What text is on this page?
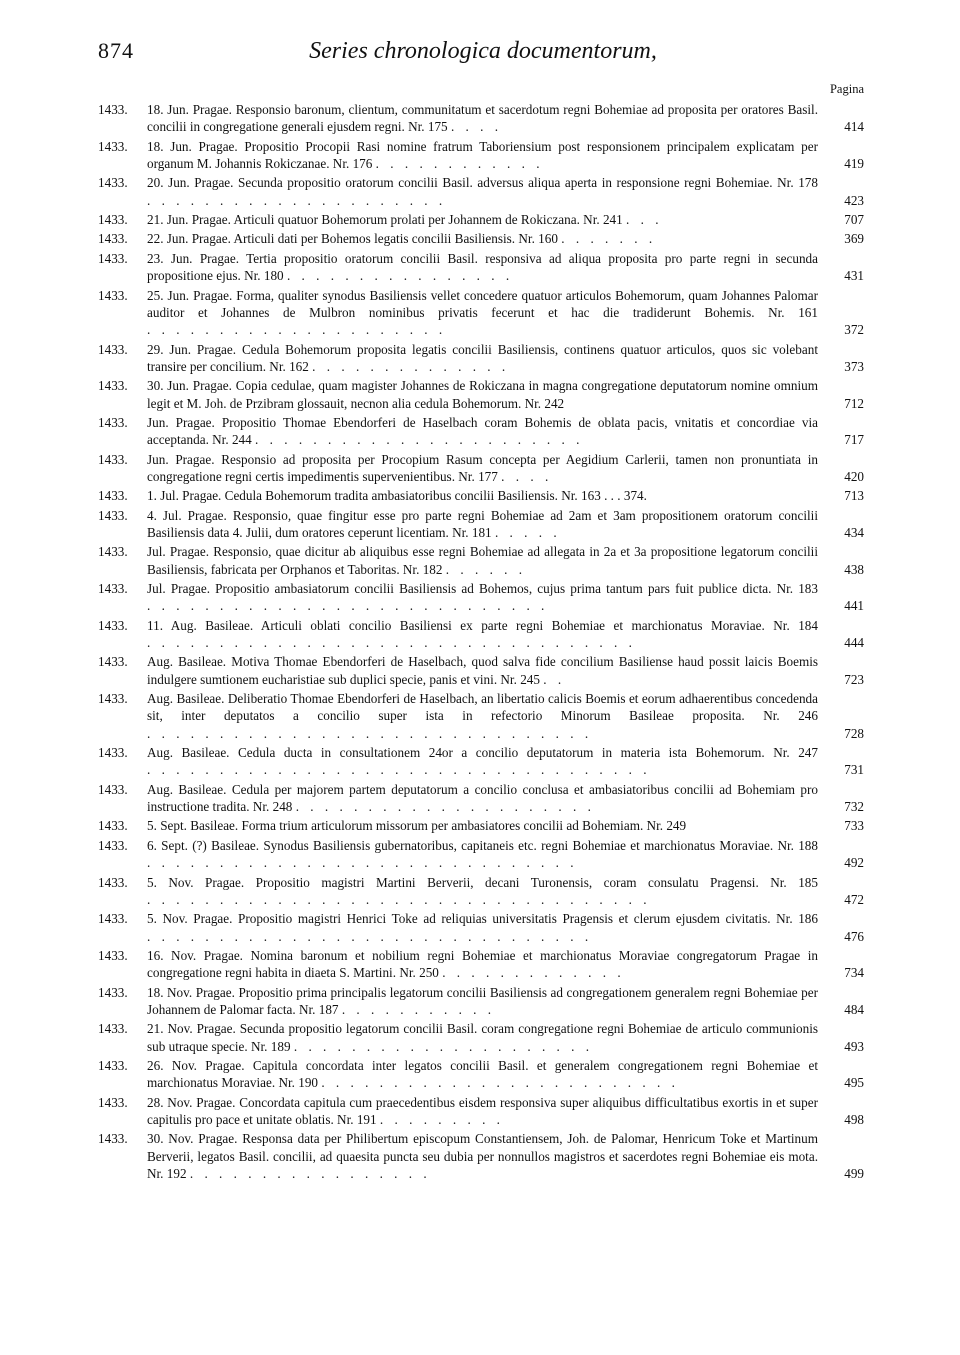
874	Series chronologica documentorum,
Pagina
1433.	18. Jun. Pragae. Responsio baronum, clientum, communitatum et sacerdotum regni Bohemiae ad proposita per oratores Basil. concilii in congregatione generali ejusdem regni. Nr. 175 . . . .	414
1433.	18. Jun. Pragae. Propositio Procopii Rasi nomine fratrum Taboriensium post responsionem principalem explicatam per organum M. Johannis Rokiczanae. Nr. 176 . . . . . . . . . . . .	419
1433.	20. Jun. Pragae. Secunda propositio oratorum concilii Basil. adversus aliqua aperta in responsione regni Bohemiae. Nr. 178 . . . . . . . . . . . . . . . . . . . . .	423
1433.	21. Jun. Pragae. Articuli quatuor Bohemorum prolati per Johannem de Rokiczana. Nr. 241 . . .	707
1433.	22. Jun. Pragae. Articuli dati per Bohemos legatis concilii Basiliensis. Nr. 160 . . . . . . .	369
1433.	23. Jun. Pragae. Tertia propositio oratorum concilii Basil. responsiva ad aliqua proposita pro parte regni in secunda propositione ejus. Nr. 180 . . . . . . . . . . . . . . . .	431
1433.	25. Jun. Pragae. Forma, qualiter synodus Basiliensis vellet concedere quatuor articulos Bohemorum, quam Johannes Palomar auditor et Johannes de Mulbron nominibus privatis fecerunt et hac die tradiderunt Bohemis. Nr. 161 . . . . . . . . . . . . . . . . . . . . .	372
1433.	29. Jun. Pragae. Cedula Bohemorum proposita legatis concilii Basiliensis, continens quatuor articulos, quos sic volebant transire per concilium. Nr. 162 . . . . . . . . . . . . . .	373
1433.	30. Jun. Pragae. Copia cedulae, quam magister Johannes de Rokiczana in magna congregatione deputatorum nomine omnium legit et M. Joh. de Przibram glossauit, necnon alia cedula Bohemorum. Nr. 242	712
1433.	Jun. Pragae. Propositio Thomae Ebendorferi de Haselbach coram Bohemis de oblata pacis, vnitatis et concordiae via acceptanda. Nr. 244 . . . . . . . . . . . . . . . . . . . . . . .	717
1433.	Jun. Pragae. Responsio ad proposita per Procopium Rasum concepta per Aegidium Carlerii, tamen non pronuntiata in congregatione regni certis impedimentis supervenientibus. Nr. 177 . . . .	420
1433.	1. Jul. Pragae. Cedula Bohemorum tradita ambasiatoribus concilii Basiliensis. Nr. 163 . . . 374.	713
1433.	4. Jul. Pragae. Responsio, quae fingitur esse pro parte regni Bohemiae ad 2am et 3am propositionem oratorum concilii Basiliensis data 4. Julii, dum oratores ceperunt licentiam. Nr. 181 . . . . .	434
1433.	Jul. Pragae. Responsio, quae dicitur ab aliquibus esse regni Bohemiae ad allegata in 2a et 3a propositione legatorum concilii Basiliensis, fabricata per Orphanos et Taboritas. Nr. 182 . . . . . .	438
1433.	Jul. Pragae. Propositio ambasiatorum concilii Basiliensis ad Bohemos, cujus prima tantum pars fuit publice dicta. Nr. 183 . . . . . . . . . . . . . . . . . . . . . . . . . . . .	441
1433.	11. Aug. Basileae. Articuli oblati concilio Basiliensi ex parte regni Bohemiae et marchionatus Moraviae. Nr. 184 . . . . . . . . . . . . . . . . . . . . . . . . . . . . . . . . . .	444
1433.	Aug. Basileae. Motiva Thomae Ebendorferi de Haselbach, quod salva fide concilium Basiliense haud possit laicis Boemis indulgere sumtionem eucharistiae sub duplici specie, panis et vini. Nr. 245 . .	723
1433.	Aug. Basileae. Deliberatio Thomae Ebendorferi de Haselbach, an libertatio calicis Boemis et eorum adhaerentibus concedenda sit, inter deputatos a concilio super ista in refectorio Minorum Basileae proposita. Nr. 246 . . . . . . . . . . . . . . . . . . . . . . . . . . . . . . .	728
1433.	Aug. Basileae. Cedula ducta in consultationem 24or a concilio deputatorum in materia ista Bohemorum. Nr. 247 . . . . . . . . . . . . . . . . . . . . . . . . . . . . . . . . . . .	731
1433.	Aug. Basileae. Cedula per majorem partem deputatorum a concilio conclusa et ambasiatoribus concilii ad Bohemiam pro instructione tradita. Nr. 248 . . . . . . . . . . . . . . . . . . . . .	732
1433.	5. Sept. Basileae. Forma trium articulorum missorum per ambasiatores concilii ad Bohemiam. Nr. 249	733
1433.	6. Sept. (?) Basileae. Synodus Basiliensis gubernatoribus, capitaneis etc. regni Bohemiae et marchionatus Moraviae. Nr. 188 . . . . . . . . . . . . . . . . . . . . . . . . . . . . . .	492
1433.	5. Nov. Pragae. Propositio magistri Martini Berverii, decani Turonensis, coram consulatu Pragensi. Nr. 185 . . . . . . . . . . . . . . . . . . . . . . . . . . . . . . . . . . .	472
1433.	5. Nov. Pragae. Propositio magistri Henrici Toke ad reliquias universitatis Pragensis et clerum ejusdem civitatis. Nr. 186 . . . . . . . . . . . . . . . . . . . . . . . . . . . . . . .	476
1433.	16. Nov. Pragae. Nomina baronum et nobilium regni Bohemiae et marchionatus Moraviae congregatorum Pragae in congregatione regni habita in diaeta S. Martini. Nr. 250 . . . . . . . . . . . . .	734
1433.	18. Nov. Pragae. Propositio prima principalis legatorum concilii Basiliensis ad congregationem generalem regni Bohemiae per Johannem de Palomar facta. Nr. 187 . . . . . . . . . . .	484
1433.	21. Nov. Pragae. Secunda propositio legatorum concilii Basil. coram congregatione regni Bohemiae de articulo communionis sub utraque specie. Nr. 189 . . . . . . . . . . . . . . . . . . . . .	493
1433.	26. Nov. Pragae. Capitula concordata inter legatos concilii Basil. et generalem congregationem regni Bohemiae et marchionatus Moraviae. Nr. 190 . . . . . . . . . . . . . . . . . . . . . . . . .	495
1433.	28. Nov. Pragae. Concordata capitula cum praecedentibus eisdem responsiva super aliquibus difficultatibus exortis in et super capitulis pro pace et unitate oblatis. Nr. 191 . . . . . . . . .	498
1433.	30. Nov. Pragae. Responsa data per Philibertum episcopum Constantiensem, Joh. de Palomar, Henricum Toke et Martinum Berverii, legatos Basil. concilii, ad quaesita puncta seu dubia per nonnullos magistros et sacerdotes regni Bohemiae eis mota. Nr. 192 . . . . . . . . . . . . . . . . .	499
